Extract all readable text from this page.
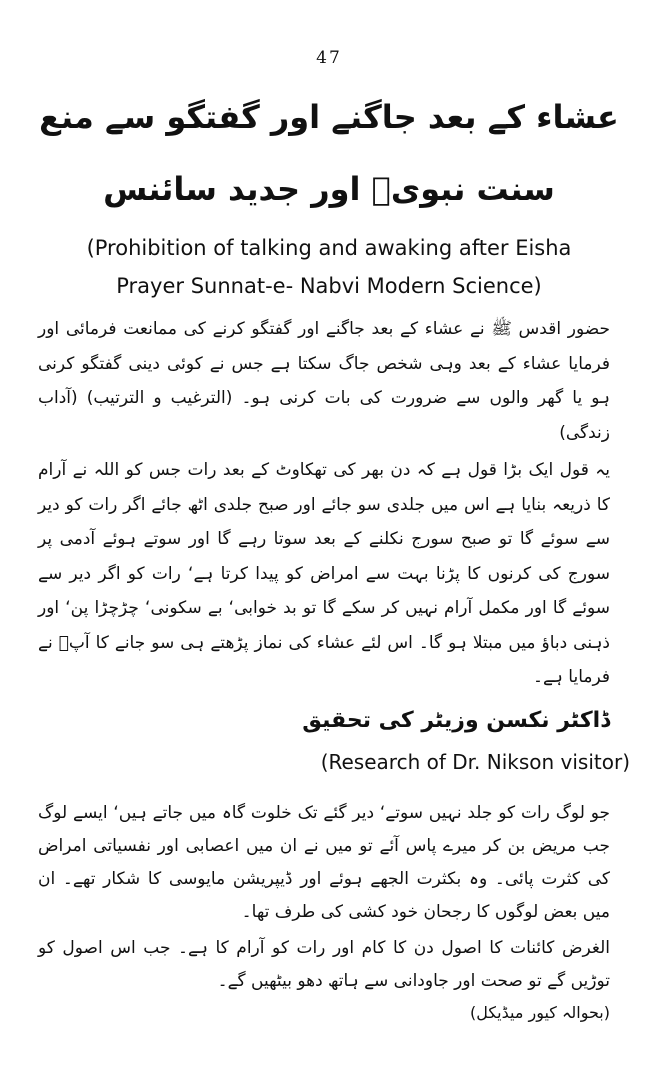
47
عشاء کے بعد جاگنے اور گفتگو سے منع
سنت نبویؐ اور جدید سائنس
(Prohibition of talking and awaking after Eisha
Prayer Sunnat-e- Nabvi Modern Science)

حضور اقدس ﷺ نے عشاء کے بعد جاگنے اور گفتگو کرنے کی ممانعت فرمائی اور فرمایا عشاء کے بعد وہی شخص جاگ سکتا ہے جس نے کوئی دینی گفتگو کرنی ہو یا گھر والوں سے ضرورت کی بات کرنی ہو۔ (الترغیب و الترتیب) (آداب زندگی)

یہ قول ایک بڑا قول ہے کہ دن بھر کی تھکاوٹ کے بعد رات جس کو اللہ نے آرام کا ذریعہ بنایا ہے اس میں جلدی سو جائے اور صبح جلدی اٹھ جائے اگر رات کو دیر سے سوئے گا تو صبح سورج نکلنے کے بعد سوتا رہے گا اور سوتے ہوئے آدمی پر سورج کی کرنوں کا پڑنا بہت سے امراض کو پیدا کرتا ہے‘ رات کو اگر دیر سے سوئے گا اور مکمل آرام نہیں کر سکے گا تو بد خوابی‘ بے سکونی‘ چڑچڑا پن‘ اور ذہنی دباؤ میں مبتلا ہو گا۔ اس لئے عشاء کی نماز پڑھتے ہی سو جانے کا آپؐ نے فرمایا ہے۔

ڈاکٹر نکسن وزیٹر کی تحقیق
(Research of Dr. Nikson visitor)

جو لوگ رات کو جلد نہیں سوتے‘ دیر گئے تک خلوت گاہ میں جاتے ہیں‘ ایسے لوگ جب مریض بن کر میرے پاس آئے تو میں نے ان میں اعصابی اور نفسیاتی امراض کی کثرت پائی۔ وہ بکثرت الجھے ہوئے اور ڈیپریشن مایوسی کا شکار تھے۔ ان میں بعض لوگوں کا رجحان خود کشی کی طرف تھا۔

الغرض کائنات کا اصول دن کا کام اور رات کو آرام کا ہے۔ جب اس اصول کو توڑیں گے تو صحت اور جاودانی سے ہاتھ دھو بیٹھیں گے۔

(بحوالہ کیور میڈیکل)
